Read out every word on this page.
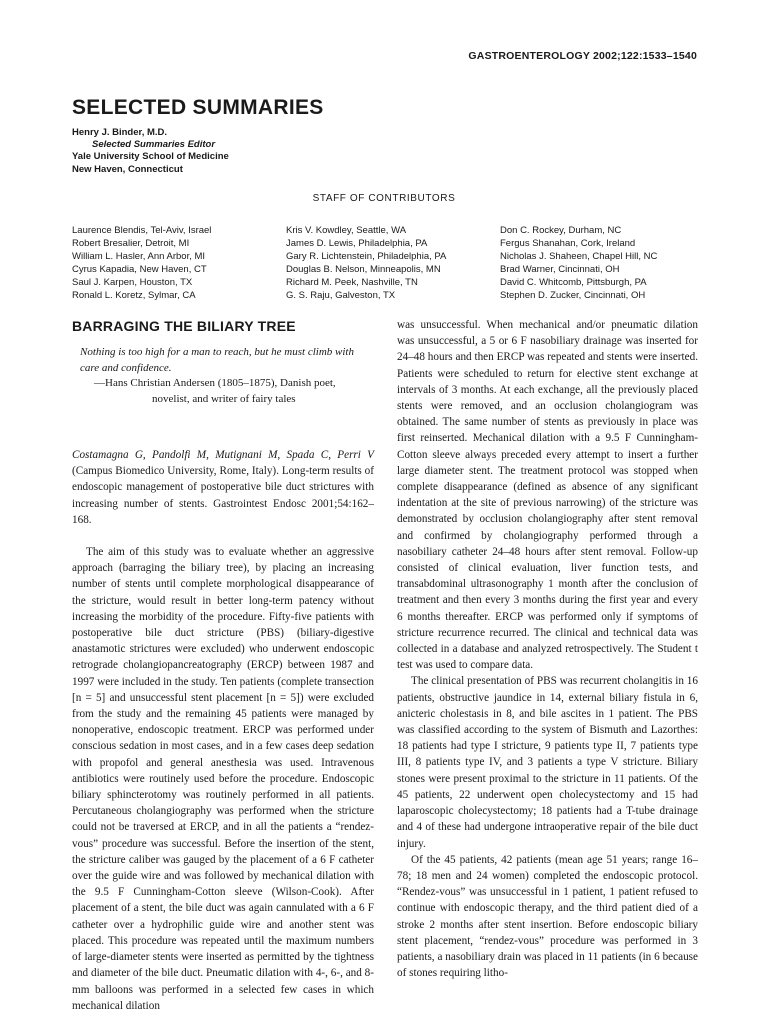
GASTROENTEROLOGY 2002;122:1533–1540
SELECTED SUMMARIES
Henry J. Binder, M.D.
Selected Summaries Editor
Yale University School of Medicine
New Haven, Connecticut
STAFF OF CONTRIBUTORS
Laurence Blendis, Tel-Aviv, Israel
Robert Bresalier, Detroit, MI
William L. Hasler, Ann Arbor, MI
Cyrus Kapadia, New Haven, CT
Saul J. Karpen, Houston, TX
Ronald L. Koretz, Sylmar, CA
Kris V. Kowdley, Seattle, WA
James D. Lewis, Philadelphia, PA
Gary R. Lichtenstein, Philadelphia, PA
Douglas B. Nelson, Minneapolis, MN
Richard M. Peek, Nashville, TN
G. S. Raju, Galveston, TX
Don C. Rockey, Durham, NC
Fergus Shanahan, Cork, Ireland
Nicholas J. Shaheen, Chapel Hill, NC
Brad Warner, Cincinnati, OH
David C. Whitcomb, Pittsburgh, PA
Stephen D. Zucker, Cincinnati, OH
BARRAGING THE BILIARY TREE

Nothing is too high for a man to reach, but he must climb with care and confidence.

—Hans Christian Andersen (1805–1875), Danish poet,

novelist, and writer of fairy tales

Costamagna G, Pandolfi M, Mutignani M, Spada C, Perri V (Campus Biomedico University, Rome, Italy). Long-term results of endoscopic management of postoperative bile duct strictures with increasing number of stents. Gastrointest Endosc 2001;54:162–168.

The aim of this study was to evaluate whether an aggressive approach (barraging the biliary tree), by placing an increasing number of stents until complete morphological disappearance of the stricture, would result in better long-term patency without increasing the morbidity of the procedure. Fifty-five patients with postoperative bile duct stricture (PBS) (biliary-digestive anastamotic strictures were excluded) who underwent endoscopic retrograde cholangiopancreatography (ERCP) between 1987 and 1997 were included in the study. Ten patients (complete transection [n = 5] and unsuccessful stent placement [n = 5]) were excluded from the study and the remaining 45 patients were managed by nonoperative, endoscopic treatment. ERCP was performed under conscious sedation in most cases, and in a few cases deep sedation with propofol and general anesthesia was used. Intravenous antibiotics were routinely used before the procedure. Endoscopic biliary sphincterotomy was routinely performed in all patients. Percutaneous cholangiography was performed when the stricture could not be traversed at ERCP, and in all the patients a “rendez-vous” procedure was successful. Before the insertion of the stent, the stricture caliber was gauged by the placement of a 6 F catheter over the guide wire and was followed by mechanical dilation with the 9.5 F Cunningham-Cotton sleeve (Wilson-Cook). After placement of a stent, the bile duct was again cannulated with a 6 F catheter over a hydrophilic guide wire and another stent was placed. This procedure was repeated until the maximum numbers of large-diameter stents were inserted as permitted by the tightness and diameter of the bile duct. Pneumatic dilation with 4-, 6-, and 8-mm balloons was performed in a selected few cases in which mechanical dilation

was unsuccessful. When mechanical and/or pneumatic dilation was unsuccessful, a 5 or 6 F nasobiliary drainage was inserted for 24–48 hours and then ERCP was repeated and stents were inserted. Patients were scheduled to return for elective stent exchange at intervals of 3 months. At each exchange, all the previously placed stents were removed, and an occlusion cholangiogram was obtained. The same number of stents as previously in place was first reinserted. Mechanical dilation with a 9.5 F Cunningham-Cotton sleeve always preceded every attempt to insert a further large diameter stent. The treatment protocol was stopped when complete disappearance (defined as absence of any significant indentation at the site of previous narrowing) of the stricture was demonstrated by occlusion cholangiography after stent removal and confirmed by cholangiography performed through a nasobiliary catheter 24–48 hours after stent removal. Follow-up consisted of clinical evaluation, liver function tests, and transabdominal ultrasonography 1 month after the conclusion of treatment and then every 3 months during the first year and every 6 months thereafter. ERCP was performed only if symptoms of stricture recurrence recurred. The clinical and technical data was collected in a database and analyzed retrospectively. The Student t test was used to compare data.

The clinical presentation of PBS was recurrent cholangitis in 16 patients, obstructive jaundice in 14, external biliary fistula in 6, anicteric cholestasis in 8, and bile ascites in 1 patient. The PBS was classified according to the system of Bismuth and Lazorthes: 18 patients had type I stricture, 9 patients type II, 7 patients type III, 8 patients type IV, and 3 patients a type V stricture. Biliary stones were present proximal to the stricture in 11 patients. Of the 45 patients, 22 underwent open cholecystectomy and 15 had laparoscopic cholecystectomy; 18 patients had a T-tube drainage and 4 of these had undergone intraoperative repair of the bile duct injury.

Of the 45 patients, 42 patients (mean age 51 years; range 16–78; 18 men and 24 women) completed the endoscopic protocol. “Rendez-vous” was unsuccessful in 1 patient, 1 patient refused to continue with endoscopic therapy, and the third patient died of a stroke 2 months after stent insertion. Before endoscopic biliary stent placement, “rendez-vous” procedure was performed in 3 patients, a nasobiliary drain was placed in 11 patients (in 6 because of stones requiring litho-
